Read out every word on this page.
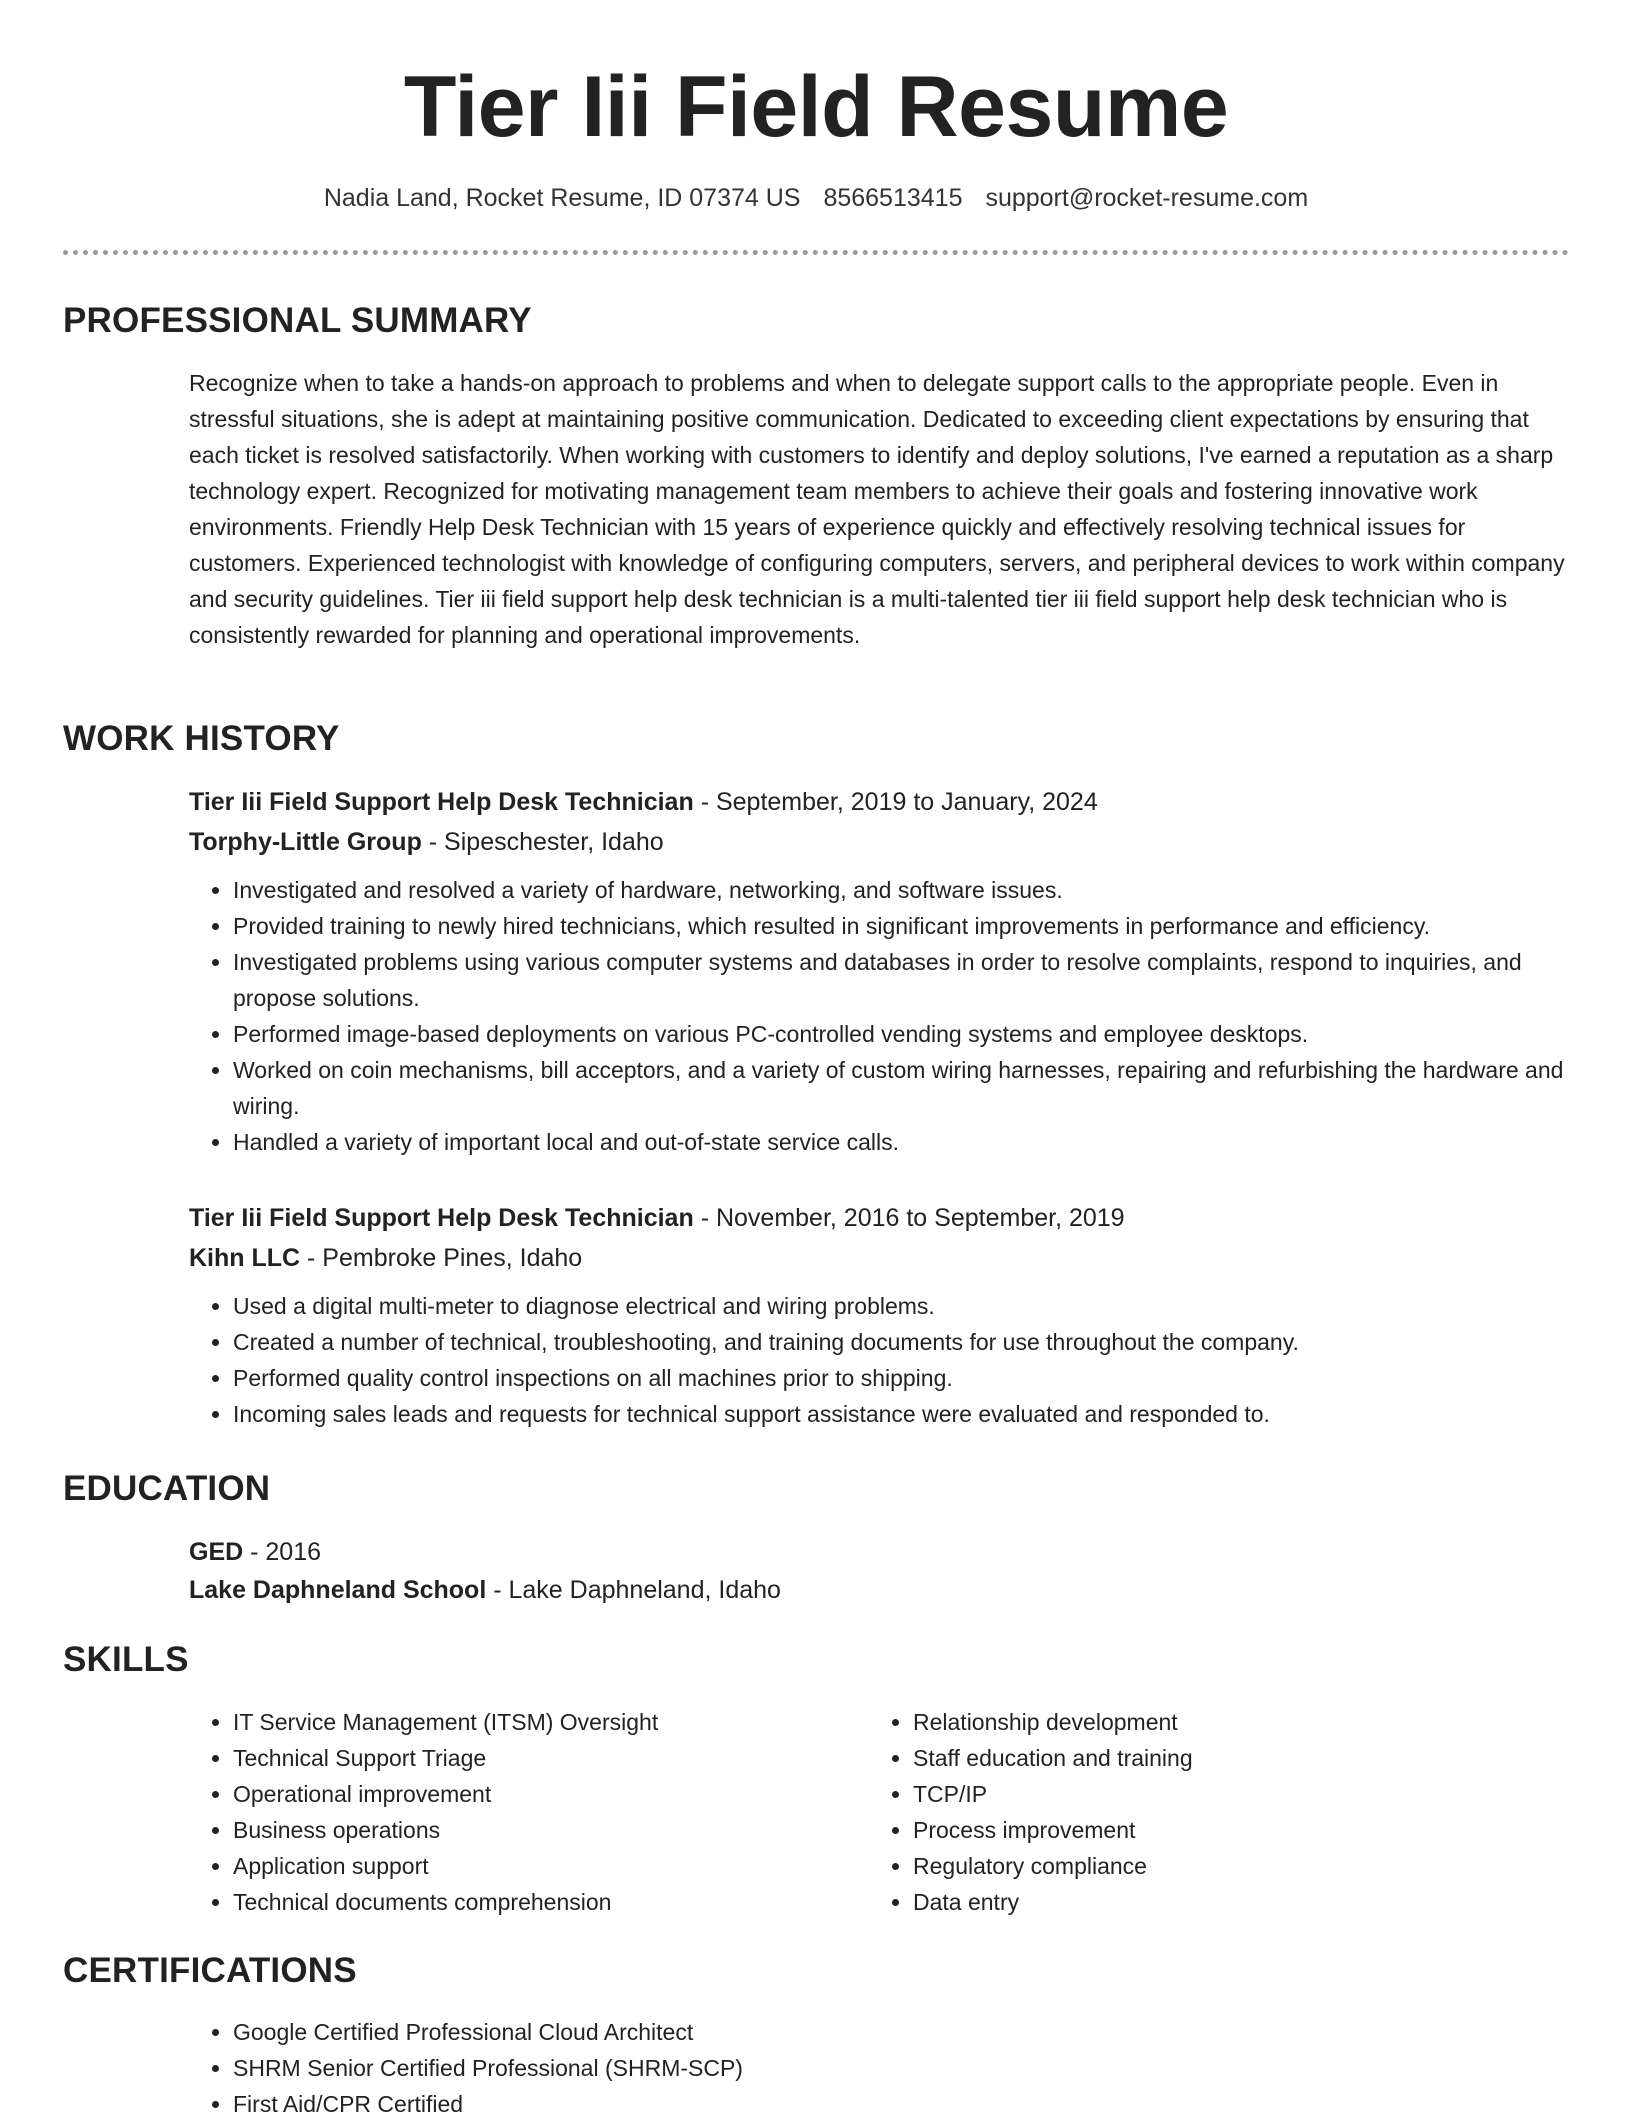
Tier Iii Field Resume
Nadia Land, Rocket Resume, ID 07374 US 8566513415 support@rocket-resume.com
PROFESSIONAL SUMMARY
Recognize when to take a hands-on approach to problems and when to delegate support calls to the appropriate people. Even in stressful situations, she is adept at maintaining positive communication. Dedicated to exceeding client expectations by ensuring that each ticket is resolved satisfactorily. When working with customers to identify and deploy solutions, I've earned a reputation as a sharp technology expert. Recognized for motivating management team members to achieve their goals and fostering innovative work environments. Friendly Help Desk Technician with 15 years of experience quickly and effectively resolving technical issues for customers. Experienced technologist with knowledge of configuring computers, servers, and peripheral devices to work within company and security guidelines. Tier iii field support help desk technician is a multi-talented tier iii field support help desk technician who is consistently rewarded for planning and operational improvements.
WORK HISTORY
Tier Iii Field Support Help Desk Technician - September, 2019 to January, 2024
Torphy-Little Group - Sipeschester, Idaho
• Investigated and resolved a variety of hardware, networking, and software issues.
• Provided training to newly hired technicians, which resulted in significant improvements in performance and efficiency.
• Investigated problems using various computer systems and databases in order to resolve complaints, respond to inquiries, and propose solutions.
• Performed image-based deployments on various PC-controlled vending systems and employee desktops.
• Worked on coin mechanisms, bill acceptors, and a variety of custom wiring harnesses, repairing and refurbishing the hardware and wiring.
• Handled a variety of important local and out-of-state service calls.
Tier Iii Field Support Help Desk Technician - November, 2016 to September, 2019
Kihn LLC - Pembroke Pines, Idaho
• Used a digital multi-meter to diagnose electrical and wiring problems.
• Created a number of technical, troubleshooting, and training documents for use throughout the company.
• Performed quality control inspections on all machines prior to shipping.
• Incoming sales leads and requests for technical support assistance were evaluated and responded to.
EDUCATION
GED - 2016
Lake Daphneland School - Lake Daphneland, Idaho
SKILLS
• IT Service Management (ITSM) Oversight
• Technical Support Triage
• Operational improvement
• Business operations
• Application support
• Technical documents comprehension
• Relationship development
• Staff education and training
• TCP/IP
• Process improvement
• Regulatory compliance
• Data entry
CERTIFICATIONS
• Google Certified Professional Cloud Architect
• SHRM Senior Certified Professional (SHRM-SCP)
• First Aid/CPR Certified
